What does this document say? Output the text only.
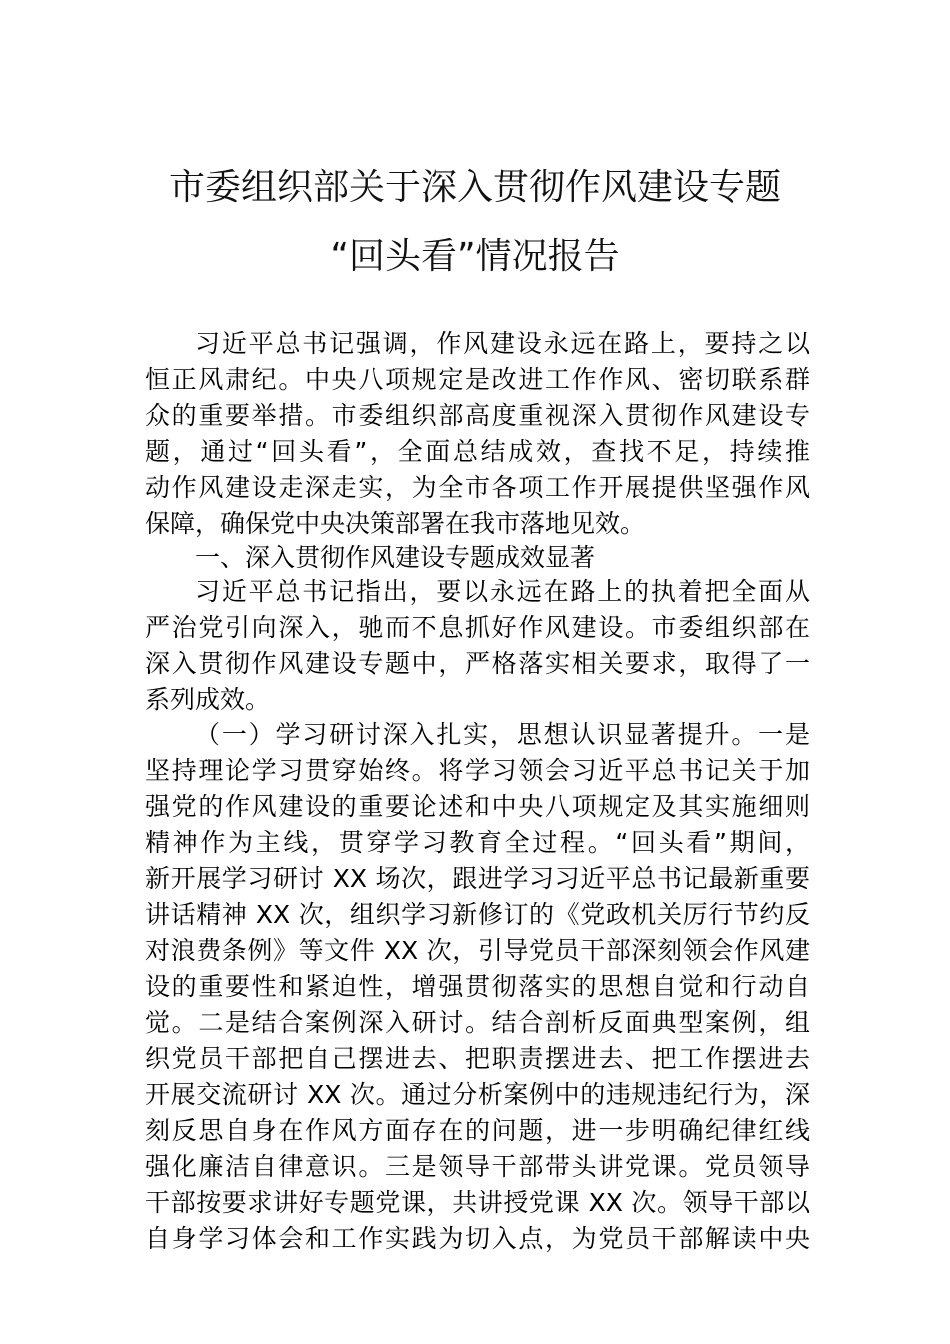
市委组织部关于深入贯彻作风建设专题
“回头看”情况报告
习近平总书记强调，作风建设永远在路上，要持之以
恒正风肃纪。中央八项规定是改进工作作风、密切联系群
众的重要举措。市委组织部高度重视深入贯彻作风建设专
题，通过“回头看”，全面总结成效，查找不足，持续推
动作风建设走深走实，为全市各项工作开展提供坚强作风
保障，确保党中央决策部署在我市落地见效。
一、深入贯彻作风建设专题成效显著
习近平总书记指出，要以永远在路上的执着把全面从
严治党引向深入，驰而不息抓好作风建设。市委组织部在
深入贯彻作风建设专题中，严格落实相关要求，取得了一
系列成效。
（一）学习研讨深入扎实，思想认识显著提升。一是
坚持理论学习贯穿始终。将学习领会习近平总书记关于加
强党的作风建设的重要论述和中央八项规定及其实施细则
精神作为主线，贯穿学习教育全过程。“回头看”期间，
新开展学习研讨 XX 场次，跟进学习习近平总书记最新重要
讲话精神 XX 次，组织学习新修订的《党政机关厉行节约反
对浪费条例》等文件 XX 次，引导党员干部深刻领会作风建
设的重要性和紧迫性，增强贯彻落实的思想自觉和行动自
觉。二是结合案例深入研讨。结合剖析反面典型案例，组
织党员干部把自己摆进去、把职责摆进去、把工作摆进去
开展交流研讨 XX 次。通过分析案例中的违规违纪行为，深
刻反思自身在作风方面存在的问题，进一步明确纪律红线
强化廉洁自律意识。三是领导干部带头讲党课。党员领导
干部按要求讲好专题党课，共讲授党课 XX 次。领导干部以
自身学习体会和工作实践为切入点，为党员干部解读中央
